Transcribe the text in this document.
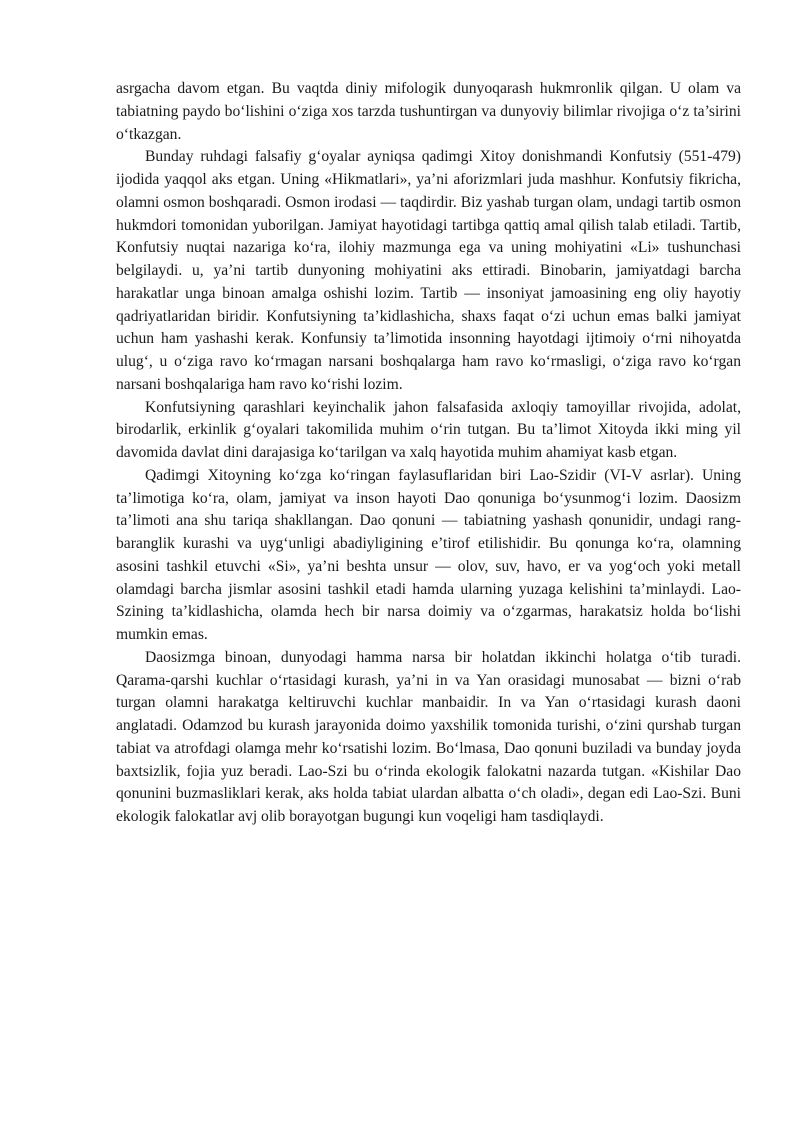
asrgacha davom etgan. Bu vaqtda diniy mifologik dunyoqarash hukmronlik qilgan. U olam va tabiatning paydo bo‘lishini o‘ziga xos tarzda tushuntirgan va dunyoviy bilimlar rivojiga o‘z ta’sirini o‘tkazgan.

Bunday ruhdagi falsafiy g‘oyalar ayniqsa qadimgi Xitoy donishmandi Konfutsiy (551-479) ijodida yaqqol aks etgan. Uning «Hikmatlari», ya’ni aforizmlari juda mashhur. Konfutsiy fikricha, olamni osmon boshqaradi. Osmon irodasi — taqdirdir. Biz yashab turgan olam, undagi tartib osmon hukmdori tomonidan yuborilgan. Jamiyat hayotidagi tartibga qattiq amal qilish talab etiladi. Tartib, Konfutsiy nuqtai nazariga ko‘ra, ilohiy mazmunga ega va uning mohiyatini «Li» tushunchasi belgilaydi. u, ya’ni tartib dunyoning mohiyatini aks ettiradi. Binobarin, jamiyatdagi barcha harakatlar unga binoan amalga oshishi lozim. Tartib — insoniyat jamoasining eng oliy hayotiy qadriyatlaridan biridir. Konfutsiyning ta’kidlashicha, shaxs faqat o‘zi uchun emas balki jamiyat uchun ham yashashi kerak. Konfunsiy ta’limotida insonning hayotdagi ijtimoiy o‘rni nihoyatda ulug‘, u o‘ziga ravo ko‘rmagan narsani boshqalarga ham ravo ko‘rmasligi, o‘ziga ravo ko‘rgan narsani boshqalariga ham ravo ko‘rishi lozim.

Konfutsiyning qarashlari keyinchalik jahon falsafasida axloqiy tamoyillar rivojida, adolat, birodarlik, erkinlik g‘oyalari takomilida muhim o‘rin tutgan. Bu ta’limot Xitoyda ikki ming yil davomida davlat dini darajasiga ko‘tarilgan va xalq hayotida muhim ahamiyat kasb etgan.

Qadimgi Xitoyning ko‘zga ko‘ringan faylasuflaridan biri Lao-Szidir (VI-V asrlar). Uning ta’limotiga ko‘ra, olam, jamiyat va inson hayoti Dao qonuniga bo‘ysunmog‘i lozim. Daosizm ta’limoti ana shu tariqa shakllangan. Dao qonuni — tabiatning yashash qonunidir, undagi rang-baranglik kurashi va uyg‘unligi abadiyligining e’tirof etilishidir. Bu qonunga ko‘ra, olamning asosini tashkil etuvchi «Si», ya’ni beshta unsur — olov, suv, havo, er va yog‘och yoki metall olamdagi barcha jismlar asosini tashkil etadi hamda ularning yuzaga kelishini ta’minlaydi. Lao-Szining ta’kidlashicha, olamda hech bir narsa doimiy va o‘zgarmas, harakatsiz holda bo‘lishi mumkin emas.

Daosizmga binoan, dunyodagi hamma narsa bir holatdan ikkinchi holatga o‘tib turadi. Qarama-qarshi kuchlar o‘rtasidagi kurash, ya’ni in va Yan orasidagi munosabat — bizni o‘rab turgan olamni harakatga keltiruvchi kuchlar manbaidir. In va Yan o‘rtasidagi kurash daoni anglatadi. Odamzod bu kurash jarayonida doimo yaxshilik tomonida turishi, o‘zini qurshab turgan tabiat va atrofdagi olamga mehr ko‘rsatishi lozim. Bo‘lmasa, Dao qonuni buziladi va bunday joyda baxtsizlik, fojia yuz beradi. Lao-Szi bu o‘rinda ekologik falokatni nazarda tutgan. «Kishilar Dao qonunini buzmasliklari kerak, aks holda tabiat ulardan albatta o‘ch oladi», degan edi Lao-Szi. Buni ekologik falokatlar avj olib borayotgan bugungi kun voqeligi ham tasdiqlaydi.
